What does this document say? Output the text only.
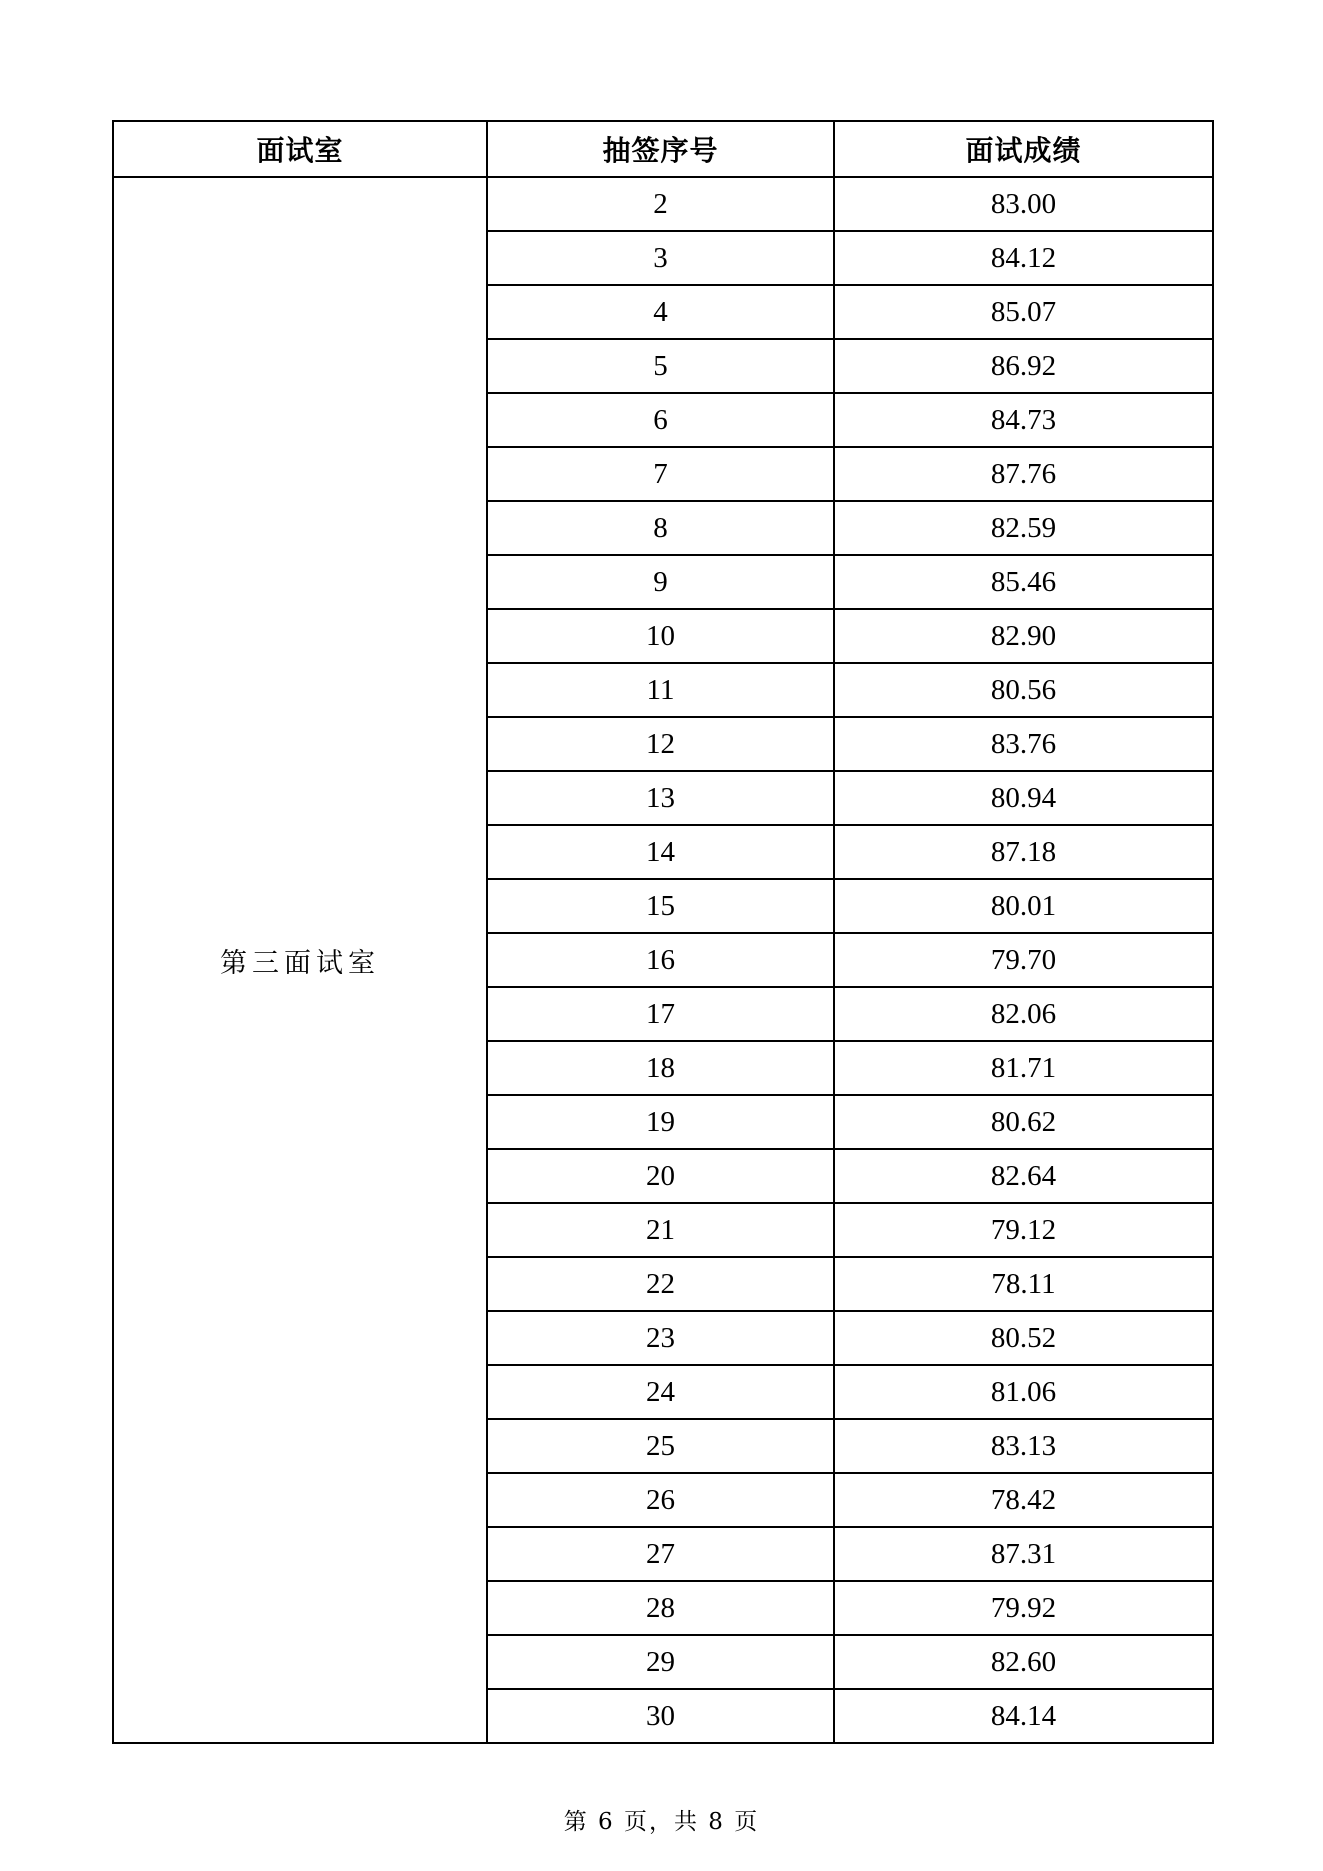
面试室	抽签序号	面试成绩
第三面试室	2	83.00
	3	84.12
	4	85.07
	5	86.92
	6	84.73
	7	87.76
	8	82.59
	9	85.46
	10	82.90
	11	80.56
	12	83.76
	13	80.94
	14	87.18
	15	80.01
	16	79.70
	17	82.06
	18	81.71
	19	80.62
	20	82.64
	21	79.12
	22	78.11
	23	80.52
	24	81.06
	25	83.13
	26	78.42
	27	87.31
	28	79.92
	29	82.60
	30	84.14
第 6 页，共 8 页
